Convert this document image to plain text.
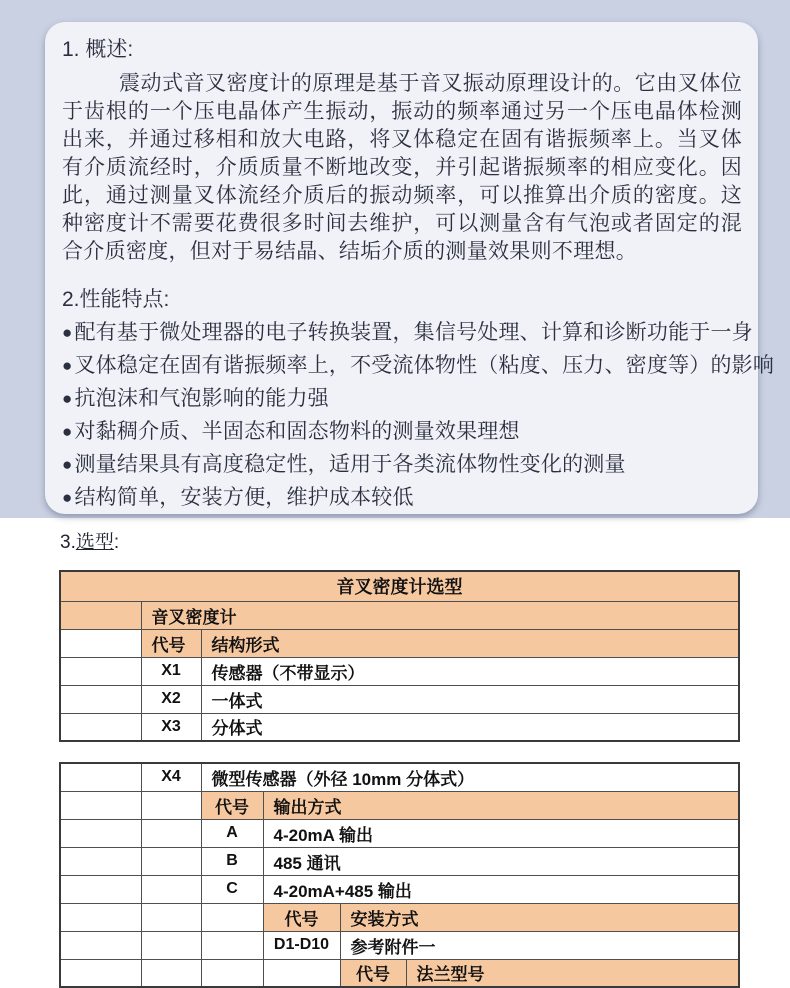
1. 概述:

震动式音叉密度计的原理是基于音叉振动原理设计的。它由叉体位于齿根的一个压电晶体产生振动，振动的频率通过另一个压电晶体检测出来，并通过移相和放大电路，将叉体稳定在固有谐振频率上。当叉体有介质流经时，介质质量不断地改变，并引起谐振频率的相应变化。因此，通过测量叉体流经介质后的振动频率，可以推算出介质的密度。这种密度计不需要花费很多时间去维护，可以测量含有气泡或者固定的混合介质密度，但对于易结晶、结垢介质的测量效果则不理想。

2.性能特点:
●配有基于微处理器的电子转换装置，集信号处理、计算和诊断功能于一身
●叉体稳定在固有谐振频率上，不受流体物性（粘度、压力、密度等）的影响
●抗泡沫和气泡影响的能力强
●对黏稠介质、半固态和固态物料的测量效果理想
●测量结果具有高度稳定性，适用于各类流体物性变化的测量
●结构简单，安装方便，维护成本较低
3.选型:
音叉密度计选型		
	音叉密度计	
	代号	结构形式
	X1	传感器（不带显示）
	X2	一体式
	X3	分体式
	X4	微型传感器（外径 10mm 分体式）			
		代号	输出方式		
		A	4-20mA 输出		
		B	485 通讯		
		C	4-20mA+485 输出		
			代号	安装方式	
			D1-D10	参考附件一	
				代号	法兰型号
